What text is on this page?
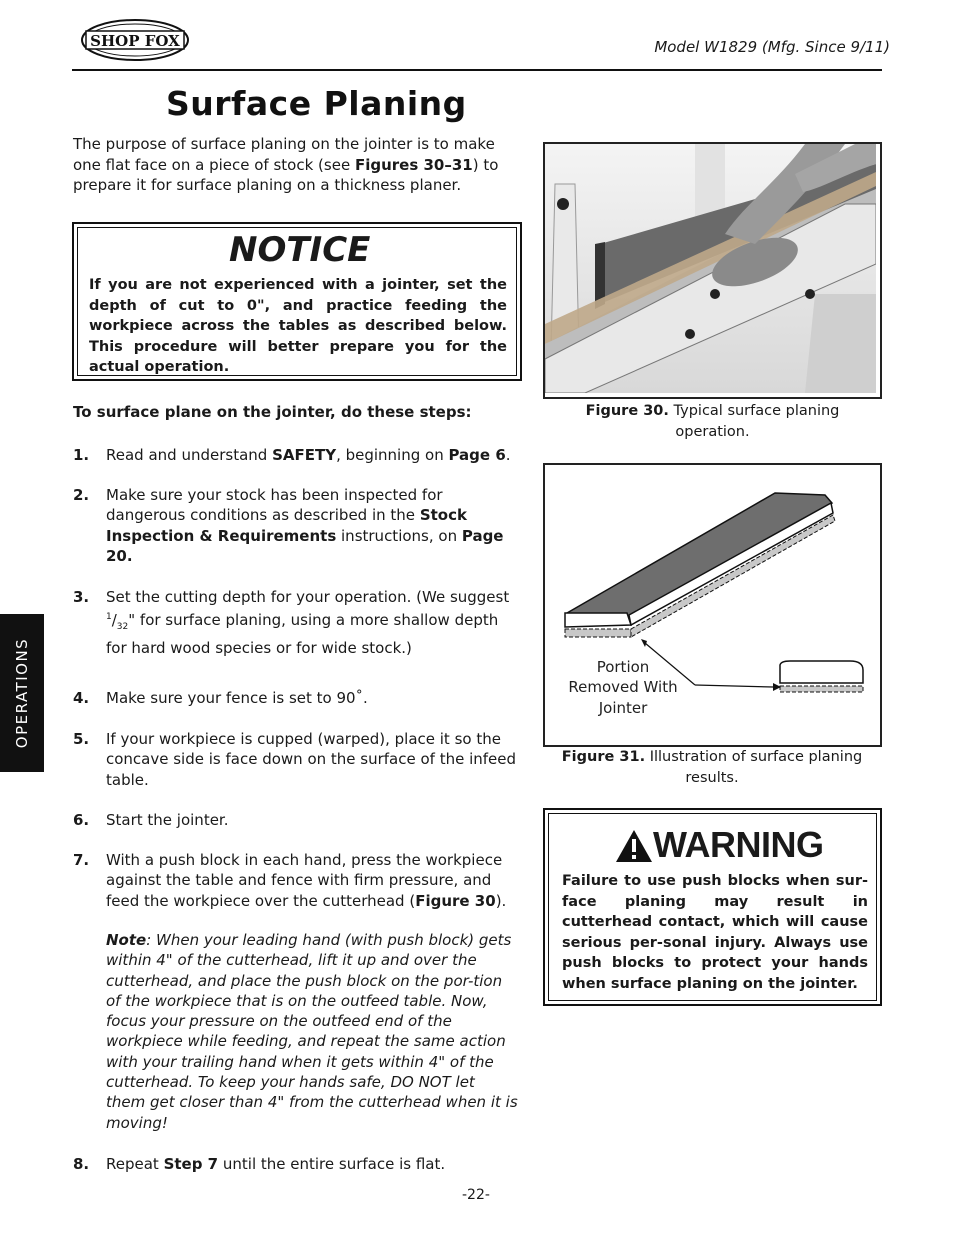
SHOP FOX	Model W1829 (Mfg. Since 9/11)
Surface Planing
The purpose of surface planing on the jointer is to make one flat face on a piece of stock (see Figures 30–31) to prepare it for surface planing on a thickness planer.
NOTICE
If you are not experienced with a jointer, set the depth of cut to 0", and practice feeding the workpiece across the tables as described below. This procedure will better prepare you for the actual operation.
To surface plane on the jointer, do these steps:
1. Read and understand SAFETY, beginning on Page 6.
2. Make sure your stock has been inspected for dangerous conditions as described in the Stock Inspection & Requirements instructions, on Page 20.
3. Set the cutting depth for your operation. (We suggest $^1/_{32}$" for surface planing, using a more shallow depth for hard wood species or for wide stock.)
4. Make sure your fence is set to 90˚.
5. If your workpiece is cupped (warped), place it so the concave side is face down on the surface of the infeed table.
6. Start the jointer.
7. With a push block in each hand, press the workpiece against the table and fence with firm pressure, and feed the workpiece over the cutterhead (Figure 30).
Note: When your leading hand (with push block) gets within 4" of the cutterhead, lift it up and over the cutterhead, and place the push block on the por-tion of the workpiece that is on the outfeed table. Now, focus your pressure on the outfeed end of the workpiece while feeding, and repeat the same action with your trailing hand when it gets within 4" of the cutterhead. To keep your hands safe, DO NOT let them get closer than 4" from the cutterhead when it is moving!
8. Repeat Step 7 until the entire surface is flat.
-22-
OPERATIONS
Figure 30. Typical surface planing operation.
Portion
Removed With
Jointer
Figure 31. Illustration of surface planing results.
WARNING
Failure to use push blocks when sur-face planing may result in cutterhead contact, which will cause serious per-sonal injury. Always use push blocks to protect your hands when surface planing on the jointer.
